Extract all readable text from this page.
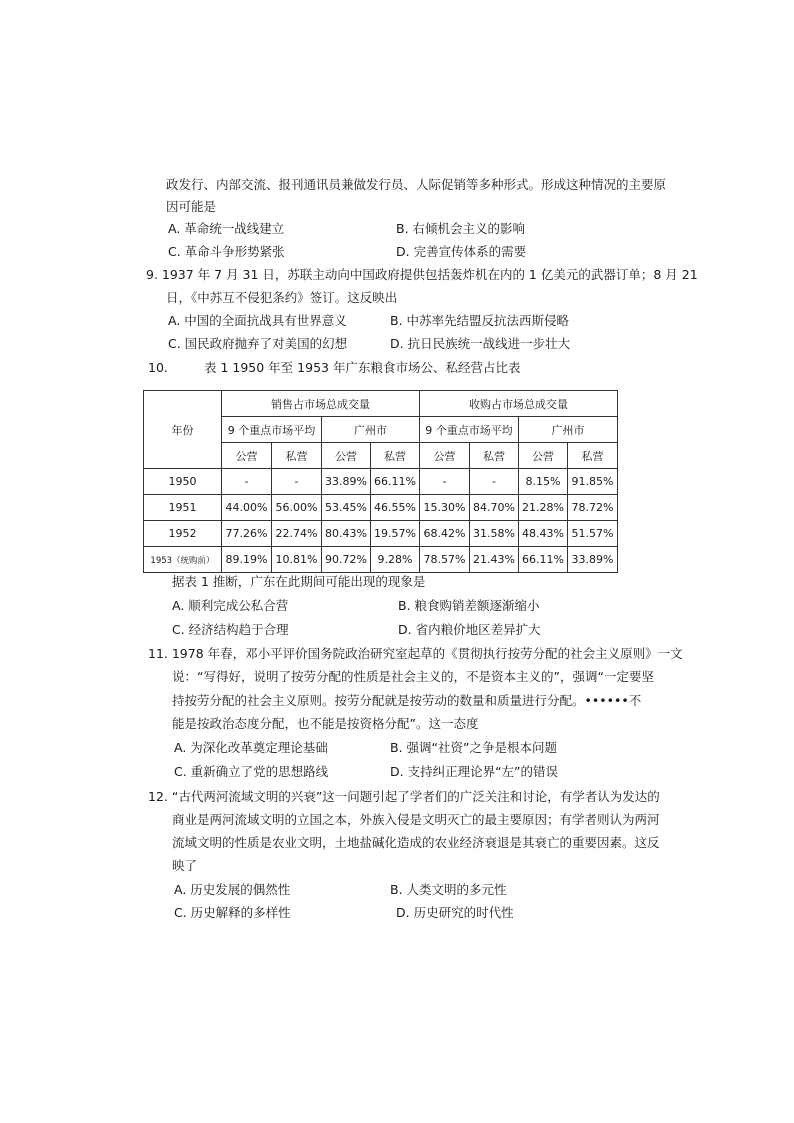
政发行、内部交流、报刊通讯员兼做发行员、人际促销等多种形式。形成这种情况的主要原
因可能是
A. 革命统一战线建立	B. 右倾机会主义的影响
C. 革命斗争形势紧张	D. 完善宣传体系的需要
9. 1937 年 7 月 31 日，苏联主动向中国政府提供包括轰炸机在内的 1 亿美元的武器订单；8 月 21
日，《中苏互不侵犯条约》签订。这反映出
A. 中国的全面抗战具有世界意义	B. 中苏率先结盟反抗法西斯侵略
C. 国民政府抛弃了对美国的幻想	D. 抗日民族统一战线进一步壮大
10.	表 1 1950 年至 1953 年广东粮食市场公、私经营占比表
年份	销售占市场总成交量				收购占市场总成交量			
	9 个重点市场平均		广州市		9 个重点市场平均		广州市	
	公营	私营	公营	私营	公营	私营	公营	私营
1950	-	-	33.89%	66.11%	-	-	8.15%	91.85%
1951	44.00%	56.00%	53.45%	46.55%	15.30%	84.70%	21.28%	78.72%
1952	77.26%	22.74%	80.43%	19.57%	68.42%	31.58%	48.43%	51.57%
1953（统购前）	89.19%	10.81%	90.72%	9.28%	78.57%	21.43%	66.11%	33.89%
据表 1 推断，广东在此期间可能出现的现象是
A. 顺利完成公私合营	B. 粮食购销差额逐渐缩小
C. 经济结构趋于合理	D. 省内粮价地区差异扩大
11. 1978 年春，邓小平评价国务院政治研究室起草的《贯彻执行按劳分配的社会主义原则》一文
说：“写得好，说明了按劳分配的性质是社会主义的，不是资本主义的”，强调“一定要坚
持按劳分配的社会主义原则。按劳分配就是按劳动的数量和质量进行分配。••••••不
能是按政治态度分配，也不能是按资格分配”。这一态度
A. 为深化改革奠定理论基础	B. 强调“社资”之争是根本问题
C. 重新确立了党的思想路线	D. 支持纠正理论界“左”的错误
12. “古代两河流域文明的兴衰”这一问题引起了学者们的广泛关注和讨论，有学者认为发达的
商业是两河流域文明的立国之本，外族入侵是文明灭亡的最主要原因；有学者则认为两河
流域文明的性质是农业文明，土地盐碱化造成的农业经济衰退是其衰亡的重要因素。这反
映了
A. 历史发展的偶然性	B. 人类文明的多元性
C. 历史解释的多样性	D. 历史研究的时代性
